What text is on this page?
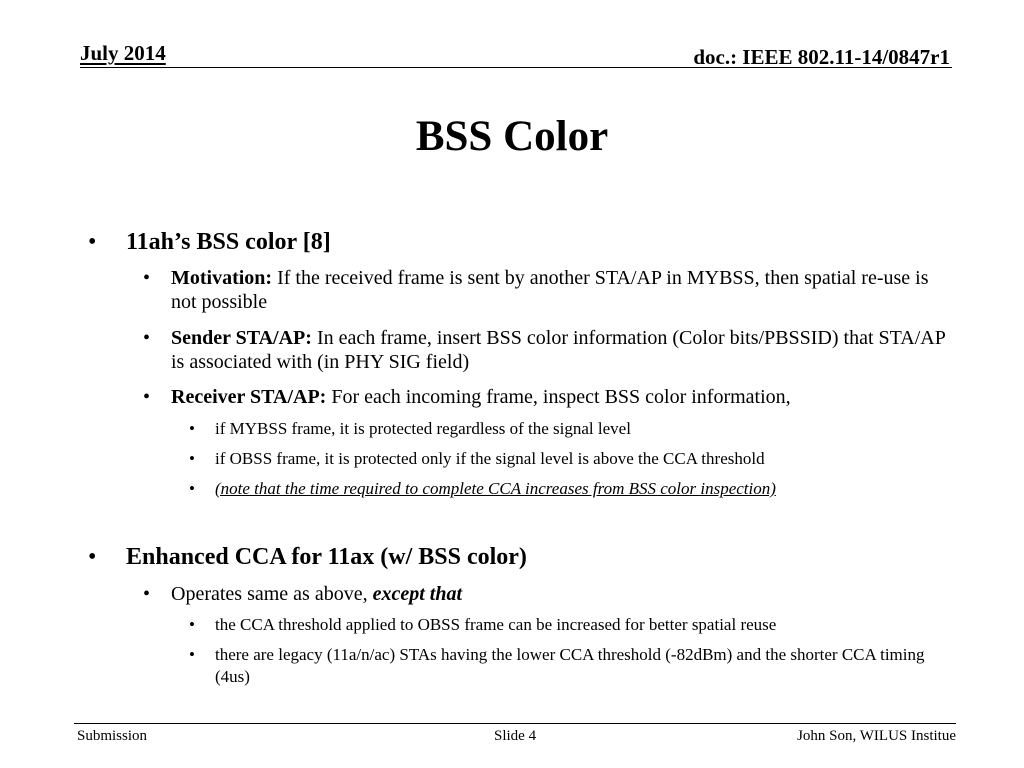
July 2014	doc.: IEEE 802.11-14/0847r1
BSS Color
• 11ah’s BSS color [8]
• Motivation: If the received frame is sent by another STA/AP in MYBSS, then spatial re-use is not possible
• Sender STA/AP: In each frame, insert BSS color information (Color bits/PBSSID) that STA/AP is associated with (in PHY SIG field)
• Receiver STA/AP: For each incoming frame, inspect BSS color information,
• if MYBSS frame, it is protected regardless of the signal level
• if OBSS frame, it is protected only if the signal level is above the CCA threshold
• (note that the time required to complete CCA increases from BSS color inspection)
• Enhanced CCA for 11ax (w/ BSS color)
• Operates same as above, except that
• the CCA threshold applied to OBSS frame can be increased for better spatial reuse
• there are legacy (11a/n/ac) STAs having the lower CCA threshold (-82dBm) and the shorter CCA timing (4us)
Submission	Slide 4	John Son, WILUS Institue
